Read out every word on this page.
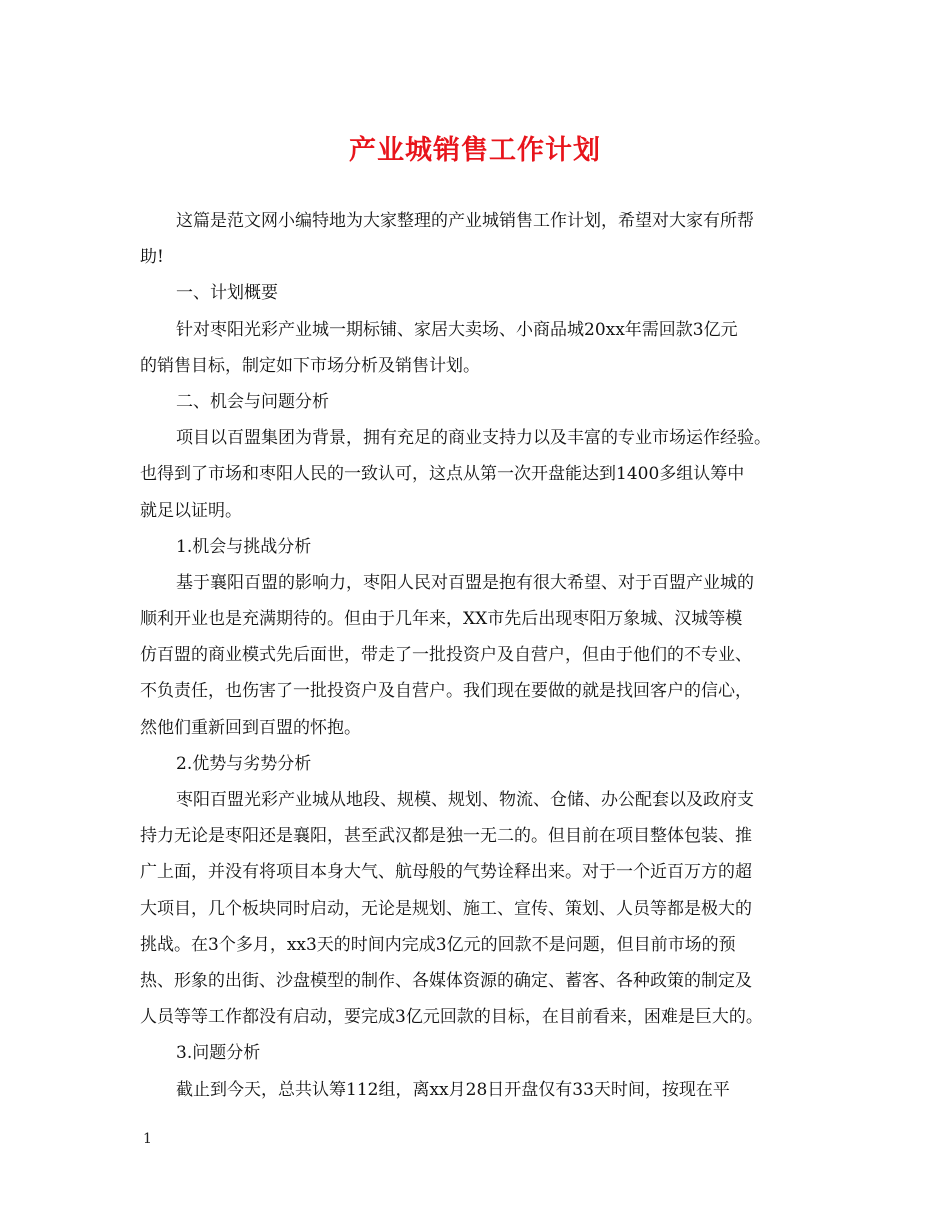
产业城销售工作计划
这篇是范文网小编特地为大家整理的产业城销售工作计划，希望对大家有所帮
助!
一、计划概要
针对枣阳光彩产业城一期标铺、家居大卖场、小商品城20xx年需回款3亿元
的销售目标，制定如下市场分析及销售计划。
二、机会与问题分析
项目以百盟集团为背景，拥有充足的商业支持力以及丰富的专业市场运作经验。
也得到了市场和枣阳人民的一致认可，这点从第一次开盘能达到1400多组认筹中
就足以证明。
1.机会与挑战分析
基于襄阳百盟的影响力，枣阳人民对百盟是抱有很大希望、对于百盟产业城的
顺利开业也是充满期待的。但由于几年来，XX市先后出现枣阳万象城、汉城等模
仿百盟的商业模式先后面世，带走了一批投资户及自营户，但由于他们的不专业、
不负责任，也伤害了一批投资户及自营户。我们现在要做的就是找回客户的信心，
然他们重新回到百盟的怀抱。
2.优势与劣势分析
枣阳百盟光彩产业城从地段、规模、规划、物流、仓储、办公配套以及政府支
持力无论是枣阳还是襄阳，甚至武汉都是独一无二的。但目前在项目整体包装、推
广上面，并没有将项目本身大气、航母般的气势诠释出来。对于一个近百万方的超
大项目，几个板块同时启动，无论是规划、施工、宣传、策划、人员等都是极大的
挑战。在3个多月，xx3天的时间内完成3亿元的回款不是问题，但目前市场的预
热、形象的出街、沙盘模型的制作、各媒体资源的确定、蓄客、各种政策的制定及
人员等等工作都没有启动，要完成3亿元回款的目标，在目前看来，困难是巨大的。
3.问题分析
截止到今天，总共认筹112组，离xx月28日开盘仅有33天时间，按现在平
1
